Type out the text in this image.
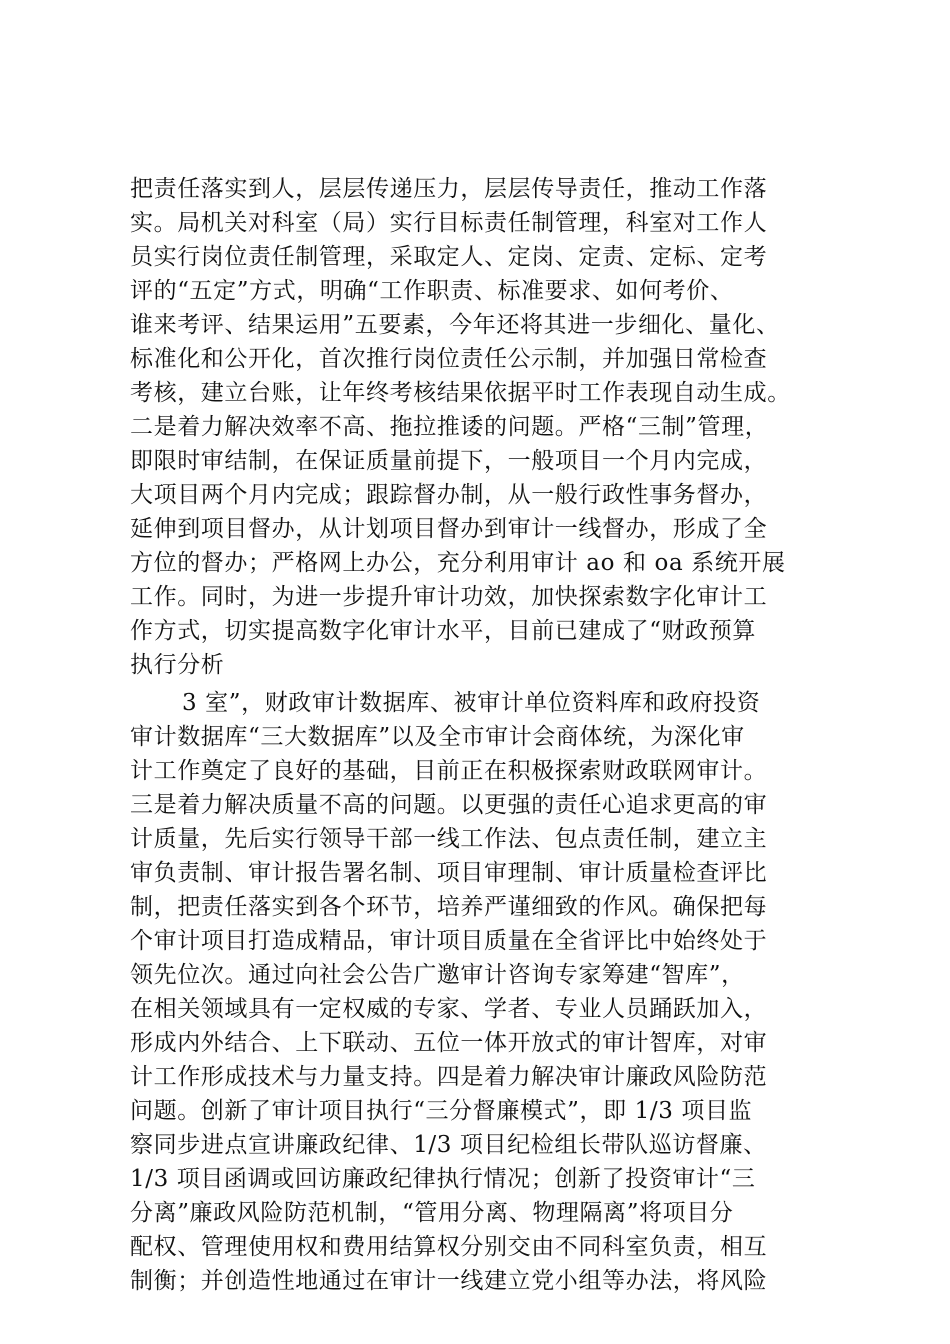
把责任落实到人，层层传递压力，层层传导责任，推动工作落
实。局机关对科室（局）实行目标责任制管理，科室对工作人
员实行岗位责任制管理，采取定人、定岗、定责、定标、定考
评的“五定”方式，明确“工作职责、标准要求、如何考价、
谁来考评、结果运用”五要素，今年还将其进一步细化、量化、
标准化和公开化，首次推行岗位责任公示制，并加强日常检查
考核，建立台账，让年终考核结果依据平时工作表现自动生成。
二是着力解决效率不高、拖拉推诿的问题。严格“三制”管理，
即限时审结制，在保证质量前提下，一般项目一个月内完成，
大项目两个月内完成；跟踪督办制，从一般行政性事务督办，
延伸到项目督办，从计划项目督办到审计一线督办，形成了全
方位的督办；严格网上办公，充分利用审计 ao 和 oa 系统开展
工作。同时，为进一步提升审计功效，加快探索数字化审计工
作方式，切实提高数字化审计水平，目前已建成了“财政预算
执行分析
3 室”，财政审计数据库、被审计单位资料库和政府投资
审计数据库“三大数据库”以及全市审计会商体统，为深化审
计工作奠定了良好的基础，目前正在积极探索财政联网审计。
三是着力解决质量不高的问题。以更强的责任心追求更高的审
计质量，先后实行领导干部一线工作法、包点责任制，建立主
审负责制、审计报告署名制、项目审理制、审计质量检查评比
制，把责任落实到各个环节，培养严谨细致的作风。确保把每
个审计项目打造成精品，审计项目质量在全省评比中始终处于
领先位次。通过向社会公告广邀审计咨询专家筹建“智库”，
在相关领域具有一定权威的专家、学者、专业人员踊跃加入，
形成内外结合、上下联动、五位一体开放式的审计智库，对审
计工作形成技术与力量支持。四是着力解决审计廉政风险防范
问题。创新了审计项目执行“三分督廉模式”，即 1/3 项目监
察同步进点宣讲廉政纪律、1/3 项目纪检组长带队巡访督廉、
1/3 项目函调或回访廉政纪律执行情况；创新了投资审计“三
分离”廉政风险防范机制，“管用分离、物理隔离”将项目分
配权、管理使用权和费用结算权分别交由不同科室负责，相互
制衡；并创造性地通过在审计一线建立党小组等办法，将风险
